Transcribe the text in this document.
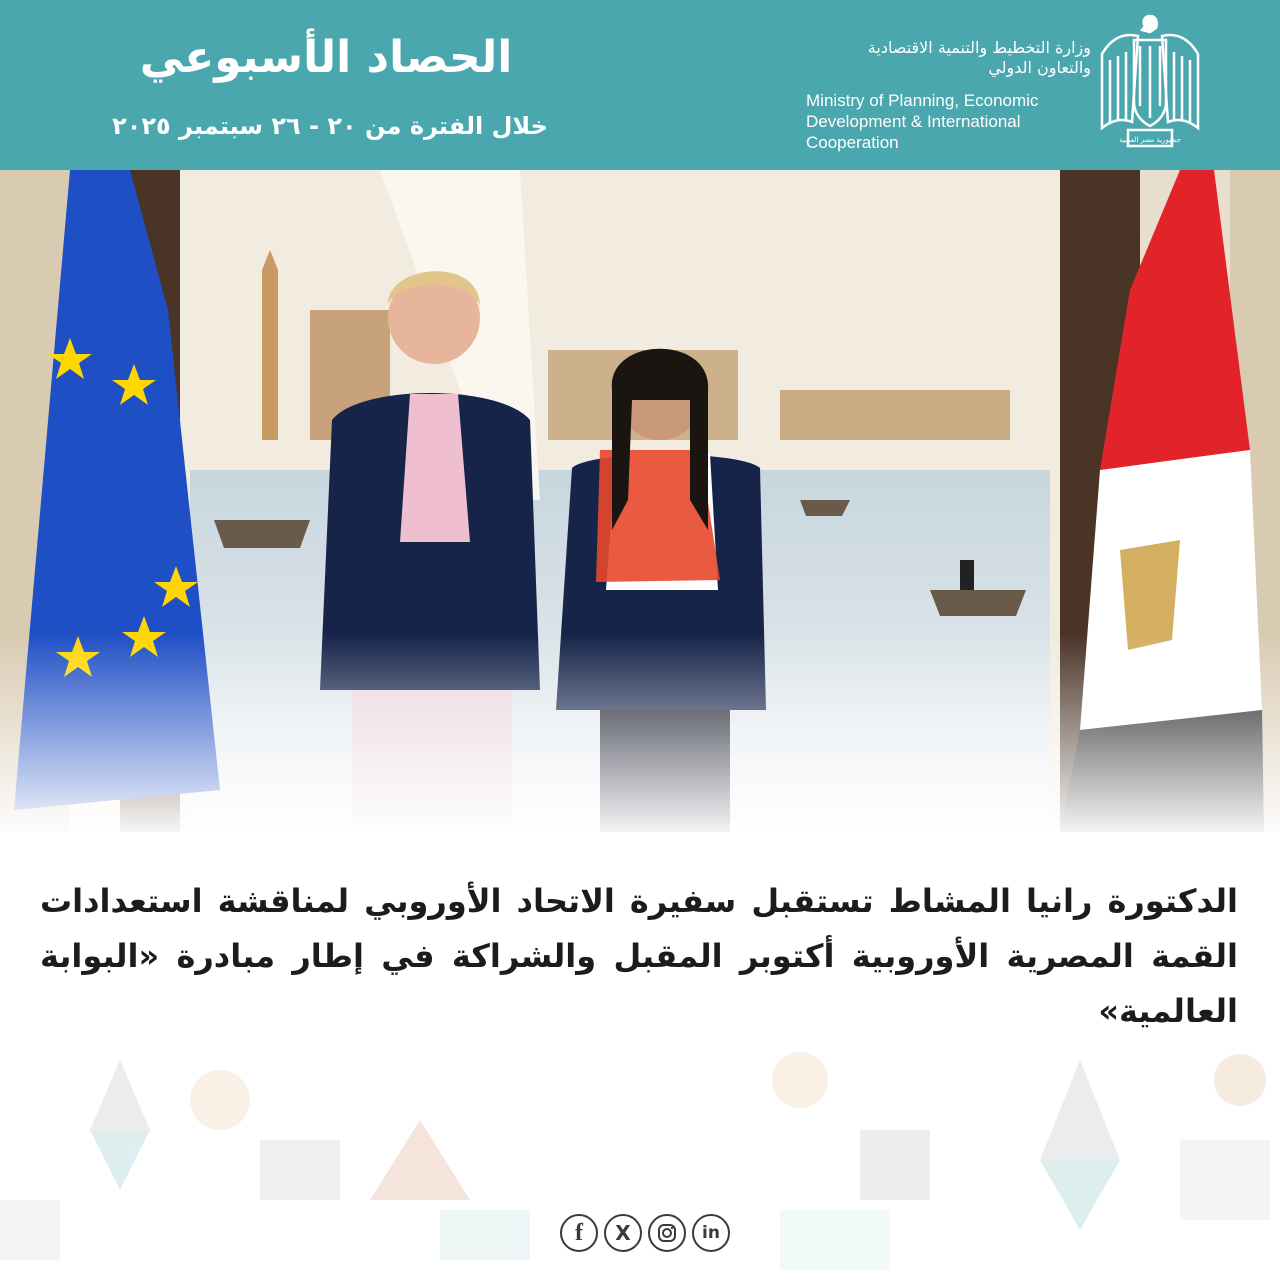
الحصاد الأسبوعي
خلال الفترة من ٢٠ - ٢٦ سبتمبر ٢٠٢٥
وزارة التخطيط والتنمية الاقتصادية
والتعاون الدولي
Ministry of Planning, Economic
Development & International
Cooperation	جمهورية مصر العربية
الدكتورة رانيا المشاط تستقبل سفيرة الاتحاد الأوروبي لمناقشة استعدادات القمة المصرية الأوروبية أكتوبر المقبل والشراكة في إطار مبادرة «البوابة العالمية»
f X	in
